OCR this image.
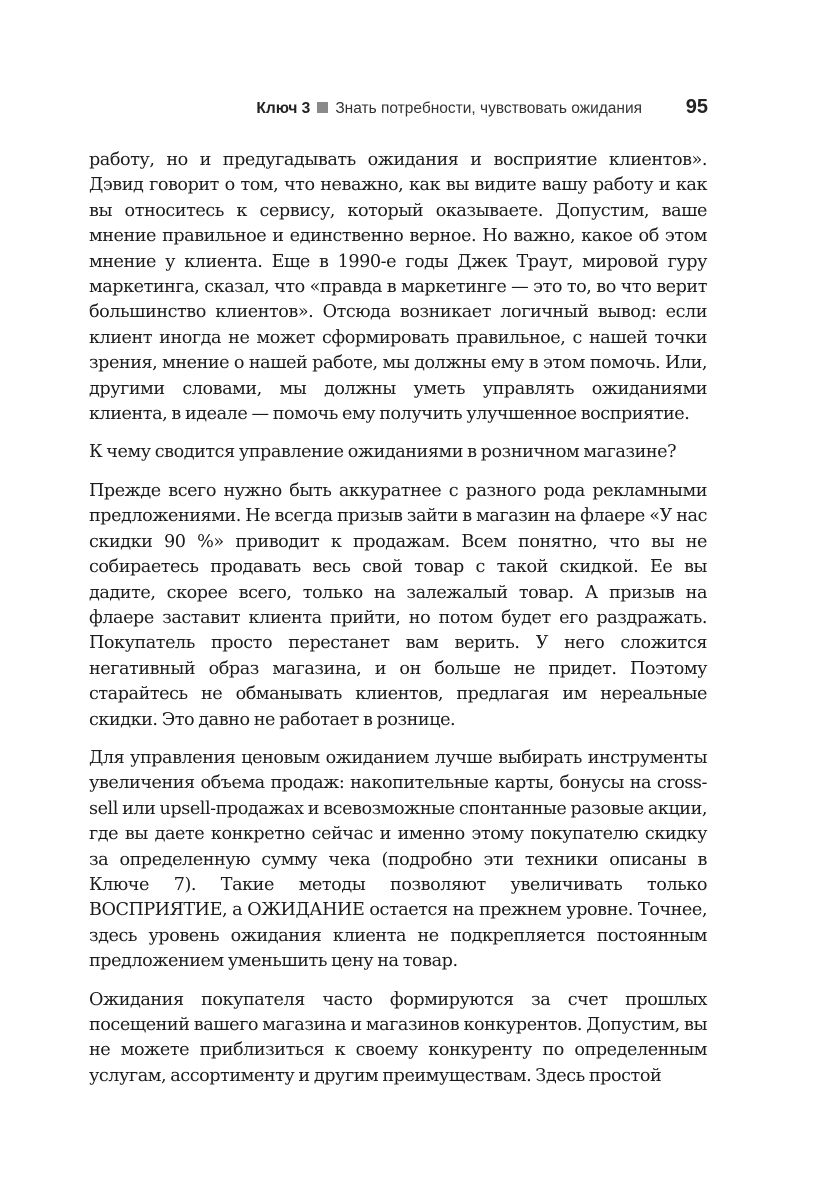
Ключ 3 Знать потребности, чувствовать ожидания 95

работу, но и предугадывать ожидания и восприятие клиентов». Дэвид говорит о том, что неважно, как вы видите вашу работу и как вы относитесь к сервису, который оказываете. Допустим, ваше мнение правильное и единственно верное. Но важно, какое об этом мнение у клиента. Еще в 1990-е годы Джек Траут, мировой гуру маркетинга, сказал, что «правда в маркетинге — это то, во что верит большинство клиентов». Отсюда возникает логичный вывод: если клиент иногда не может сформировать правильное, с нашей точки зрения, мнение о нашей работе, мы должны ему в этом помочь. Или, другими словами, мы должны уметь управлять ожиданиями клиента, в идеале — помочь ему получить улучшенное восприятие.

К чему сводится управление ожиданиями в розничном магазине?

Прежде всего нужно быть аккуратнее с разного рода рекламными предложениями. Не всегда призыв зайти в магазин на флаере «У нас скидки 90 %» приводит к продажам. Всем понятно, что вы не собираетесь продавать весь свой товар с такой скидкой. Ее вы дадите, скорее всего, только на залежалый товар. А призыв на флаере заставит клиента прийти, но потом будет его раздражать. Покупатель просто перестанет вам верить. У него сложится негативный образ магазина, и он больше не придет. Поэтому старайтесь не обманывать клиентов, предлагая им нереальные скидки. Это давно не работает в рознице.

Для управления ценовым ожиданием лучше выбирать инструменты увеличения объема продаж: накопительные карты, бонусы на cross-sell или upsell-продажах и всевозможные спонтанные разовые акции, где вы даете конкретно сейчас и именно этому покупателю скидку за определенную сумму чека (подробно эти техники описаны в Ключе 7). Такие методы позволяют увеличивать только ВОСПРИЯТИЕ, а ОЖИДАНИЕ остается на прежнем уровне. Точнее, здесь уровень ожидания клиента не подкрепляется постоянным предложением уменьшить цену на товар.

Ожидания покупателя часто формируются за счет прошлых посещений вашего магазина и магазинов конкурентов. Допустим, вы не можете приблизиться к своему конкуренту по определенным услугам, ассортименту и другим преимуществам. Здесь простой
